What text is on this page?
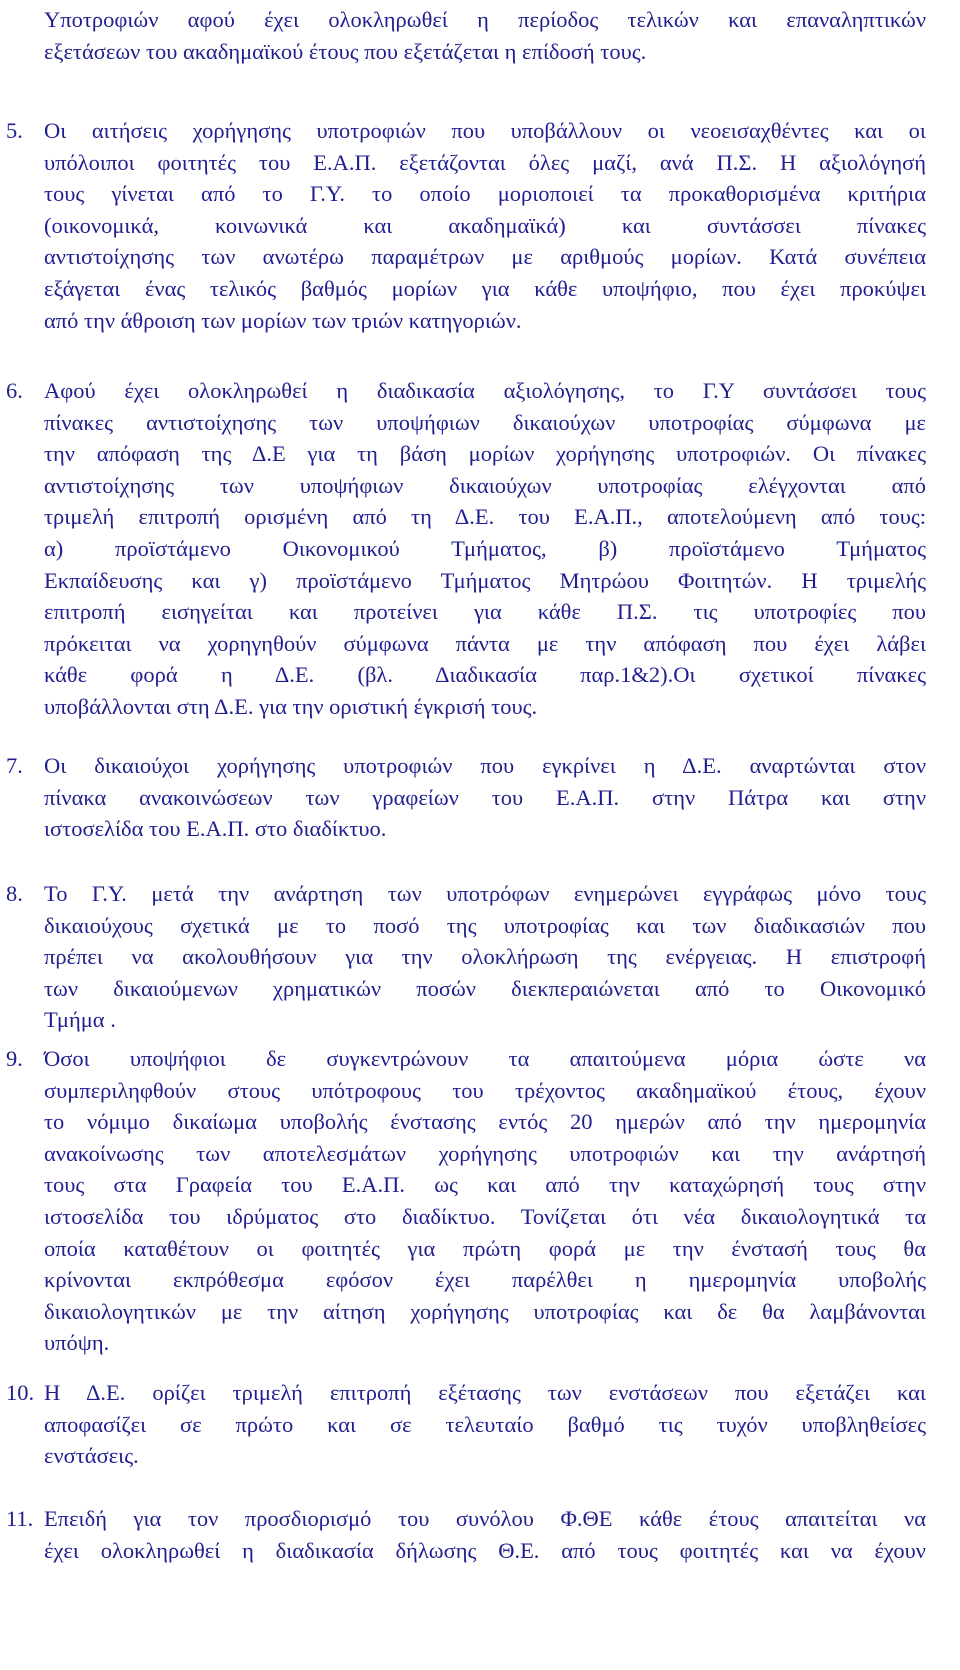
Υποτροφιών αφού έχει ολοκληρωθεί η περίοδος τελικών και επαναληπτικών
εξετάσεων του ακαδημαϊκού έτους που εξετάζεται η επίδοσή τους.
5. Οι αιτήσεις χορήγησης υποτροφιών που υποβάλλουν οι νεοεισαχθέντες και οι
υπόλοιποι φοιτητές του Ε.Α.Π. εξετάζονται όλες μαζί, ανά Π.Σ. Η αξιολόγησή
τους γίνεται από το Γ.Υ. το οποίο μοριοποιεί τα προκαθορισμένα κριτήρια
(οικονομικά, κοινωνικά και ακαδημαϊκά) και συντάσσει πίνακες
αντιστοίχησης των ανωτέρω παραμέτρων με αριθμούς μορίων. Κατά συνέπεια
εξάγεται ένας τελικός βαθμός μορίων για κάθε υποψήφιο, που έχει προκύψει
από την άθροιση των μορίων των τριών κατηγοριών.
6. Αφού έχει ολοκληρωθεί η διαδικασία αξιολόγησης, το Γ.Υ συντάσσει τους
πίνακες αντιστοίχησης των υποψήφιων δικαιούχων υποτροφίας σύμφωνα με
την απόφαση της Δ.Ε για τη βάση μορίων χορήγησης υποτροφιών. Οι πίνακες
αντιστοίχησης των υποψήφιων δικαιούχων υποτροφίας ελέγχονται από
τριμελή επιτροπή ορισμένη από τη Δ.Ε. του Ε.Α.Π., αποτελούμενη από τους:
α) προϊστάμενο Οικονομικού Τμήματος, β) προϊστάμενο Τμήματος
Εκπαίδευσης και γ) προϊστάμενο Τμήματος Μητρώου Φοιτητών. Η τριμελής
επιτροπή εισηγείται και προτείνει για κάθε Π.Σ. τις υποτροφίες που
πρόκειται να χορηγηθούν σύμφωνα πάντα με την απόφαση που έχει λάβει
κάθε φορά η Δ.Ε. (βλ. Διαδικασία παρ.1&2).Οι σχετικοί πίνακες
υποβάλλονται στη Δ.Ε. για την οριστική έγκρισή τους.
7. Οι δικαιούχοι χορήγησης υποτροφιών που εγκρίνει η Δ.Ε. αναρτώνται στον
πίνακα ανακοινώσεων των γραφείων του Ε.Α.Π. στην Πάτρα και στην
ιστοσελίδα του Ε.Α.Π. στο διαδίκτυο.
8. Το Γ.Υ. μετά την ανάρτηση των υποτρόφων ενημερώνει εγγράφως μόνο τους
δικαιούχους σχετικά με το ποσό της υποτροφίας και των διαδικασιών που
πρέπει να ακολουθήσουν για την ολοκλήρωση της ενέργειας. Η επιστροφή
των δικαιούμενων χρηματικών ποσών διεκπεραιώνεται από το Οικονομικό
Τμήμα .
9. Όσοι υποψήφιοι δε συγκεντρώνουν τα απαιτούμενα μόρια ώστε να
συμπεριληφθούν στους υπότροφους του τρέχοντος ακαδημαϊκού έτους, έχουν
το νόμιμο δικαίωμα υποβολής ένστασης εντός 20 ημερών από την ημερομηνία
ανακοίνωσης των αποτελεσμάτων χορήγησης υποτροφιών και την ανάρτησή
τους στα Γραφεία του Ε.Α.Π. ως και από την καταχώρησή τους στην
ιστοσελίδα του ιδρύματος στο διαδίκτυο. Τονίζεται ότι νέα δικαιολογητικά τα
οποία καταθέτουν οι φοιτητές για πρώτη φορά με την ένστασή τους θα
κρίνονται εκπρόθεσμα εφόσον έχει παρέλθει η ημερομηνία υποβολής
δικαιολογητικών με την αίτηση χορήγησης υποτροφίας και δε θα λαμβάνονται
υπόψη.
10. Η Δ.Ε. ορίζει τριμελή επιτροπή εξέτασης των ενστάσεων που εξετάζει και
αποφασίζει σε πρώτο και σε τελευταίο βαθμό τις τυχόν υποβληθείσες
ενστάσεις.
11. Επειδή για τον προσδιορισμό του συνόλου Φ.ΘΕ κάθε έτους απαιτείται να
έχει ολοκληρωθεί η διαδικασία δήλωσης Θ.Ε. από τους φοιτητές και να έχουν
